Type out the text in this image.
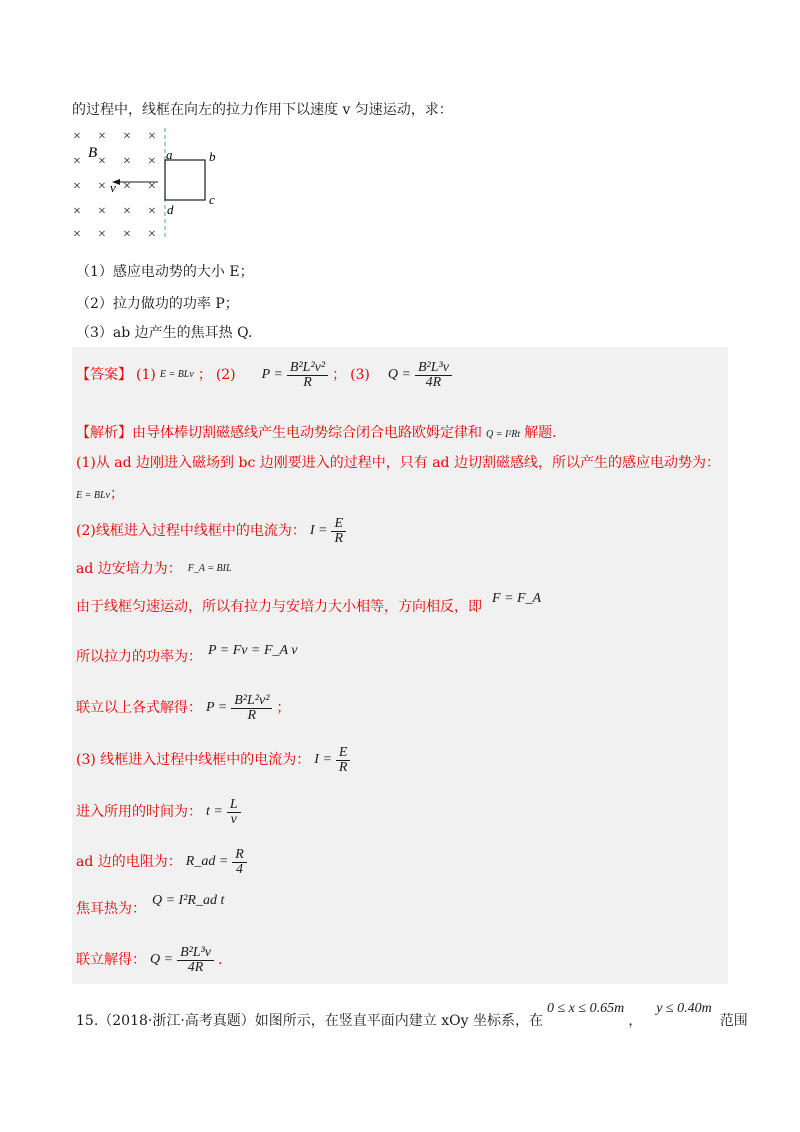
的过程中，线框在向左的拉力作用下以速度 v 匀速运动，求：
× × × ×
× × × ×
× × × ×
× × × ×
× × × ×
B
v
a	b
c
d
（1）感应电动势的大小 E；
（2）拉力做功的功率 P；
（3）ab 边产生的焦耳热 Q.
【答案】 (1) E = BLv ； (2) $P = \frac{\text{B²L²v²}}{R}$ ； (3) $Q = \frac{\text{B²L³v}}{4R}$
【解析】由导体棒切割磁感线产生电动势综合闭合电路欧姆定律和 Q = I²Rt 解题.
(1)从 ad 边刚进入磁场到 bc 边刚要进入的过程中，只有 ad 边切割磁感线，所以产生的感应电动势为：
E = BLv；
(2)线框进入过程中线框中的电流为： $I = \frac{E}{R}$
ad 边安培力为： F_A = BIL
由于线框匀速运动，所以有拉力与安培力大小相等，方向相反，即
F = F_A
所以拉力的功率为： P = Fv = F_A v
联立以上各式解得： $P = \frac{\text{B²L²v²}}{R}$ ；
(3) 线框进入过程中线框中的电流为： $I = \frac{E}{R}$
进入所用的时间为： $t = \frac{L}{v}$
ad 边的电阻为： R_ad = $\frac{R}{4}$
焦耳热为：
Q = I²R_ad t
联立解得： $Q = \frac{\text{B²L³v}}{4R}$ .
15.（2018·浙江·高考真题）如图所示，在竖直平面内建立 xOy 坐标系，在
0 ≤ x ≤ 0.65m
，
y ≤ 0.40m
范围
